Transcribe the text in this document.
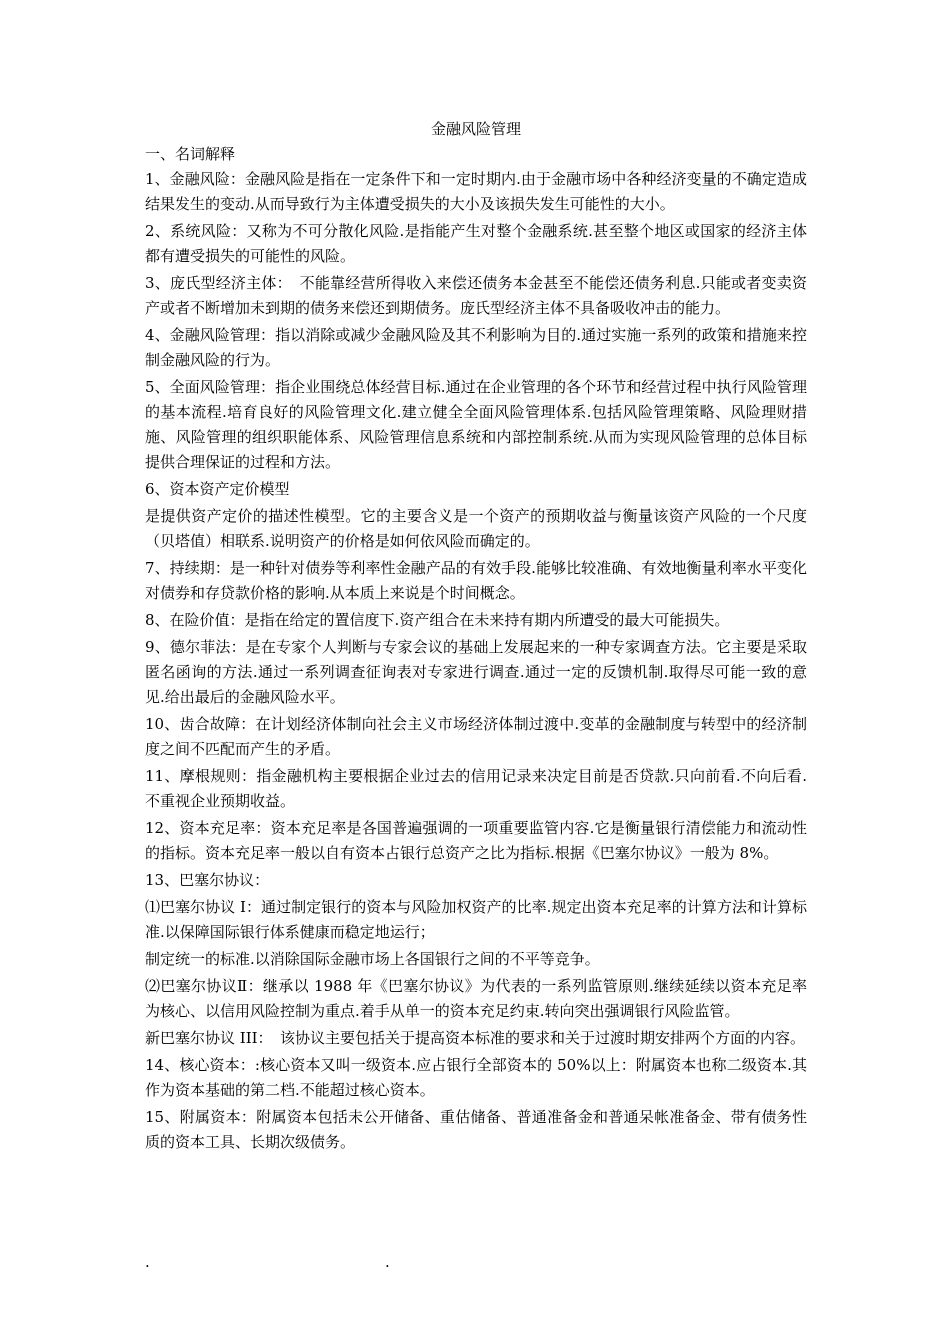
金融风险管理

一、名词解释

1、金融风险：金融风险是指在一定条件下和一定时期内.由于金融市场中各种经济变量的不确定造成结果发生的变动.从而导致行为主体遭受损失的大小及该损失发生可能性的大小。

2、系统风险：又称为不可分散化风险.是指能产生对整个金融系统.甚至整个地区或国家的经济主体都有遭受损失的可能性的风险。

3、庞氏型经济主体：　不能靠经营所得收入来偿还债务本金甚至不能偿还债务利息.只能或者变卖资产或者不断增加未到期的债务来偿还到期债务。庞氏型经济主体不具备吸收冲击的能力。

4、金融风险管理：指以消除或减少金融风险及其不利影响为目的.通过实施一系列的政策和措施来控制金融风险的行为。

5、全面风险管理：指企业围绕总体经营目标.通过在企业管理的各个环节和经营过程中执行风险管理的基本流程.培育良好的风险管理文化.建立健全全面风险管理体系.包括风险管理策略、风险理财措施、风险管理的组织职能体系、风险管理信息系统和内部控制系统.从而为实现风险管理的总体目标提供合理保证的过程和方法。

6、资本资产定价模型

是提供资产定价的描述性模型。它的主要含义是一个资产的预期收益与衡量该资产风险的一个尺度（贝塔值）相联系.说明资产的价格是如何依风险而确定的。

7、持续期：是一种针对债券等利率性金融产品的有效手段.能够比较准确、有效地衡量利率水平变化对债券和存贷款价格的影响.从本质上来说是个时间概念。

8、在险价值：是指在给定的置信度下.资产组合在未来持有期内所遭受的最大可能损失。

9、德尔菲法：是在专家个人判断与专家会议的基础上发展起来的一种专家调查方法。它主要是采取匿名函询的方法.通过一系列调查征询表对专家进行调查.通过一定的反馈机制.取得尽可能一致的意见.给出最后的金融风险水平。

10、齿合故障：在计划经济体制向社会主义市场经济体制过渡中.变革的金融制度与转型中的经济制度之间不匹配而产生的矛盾。

11、摩根规则：指金融机构主要根据企业过去的信用记录来决定目前是否贷款.只向前看.不向后看.不重视企业预期收益。

12、资本充足率：资本充足率是各国普遍强调的一项重要监管内容.它是衡量银行清偿能力和流动性的指标。资本充足率一般以自有资本占银行总资产之比为指标.根据《巴塞尔协议》一般为 8%。

13、巴塞尔协议：

⑴巴塞尔协议 I：通过制定银行的资本与风险加权资产的比率.规定出资本充足率的计算方法和计算标准.以保障国际银行体系健康而稳定地运行；

制定统一的标准.以消除国际金融市场上各国银行之间的不平等竞争。

⑵巴塞尔协议Ⅱ：继承以 1988 年《巴塞尔协议》为代表的一系列监管原则.继续延续以资本充足率为核心、以信用风险控制为重点.着手从单一的资本充足约束.转向突出强调银行风险监管。

新巴塞尔协议 III：　该协议主要包括关于提高资本标准的要求和关于过渡时期安排两个方面的内容。

14、核心资本：:核心资本又叫一级资本.应占银行全部资本的 50%以上：附属资本也称二级资本.其作为资本基础的第二档.不能超过核心资本。

15、附属资本：附属资本包括未公开储备、重估储备、普通准备金和普通呆帐准备金、带有债务性质的资本工具、长期次级债务。

.	.
